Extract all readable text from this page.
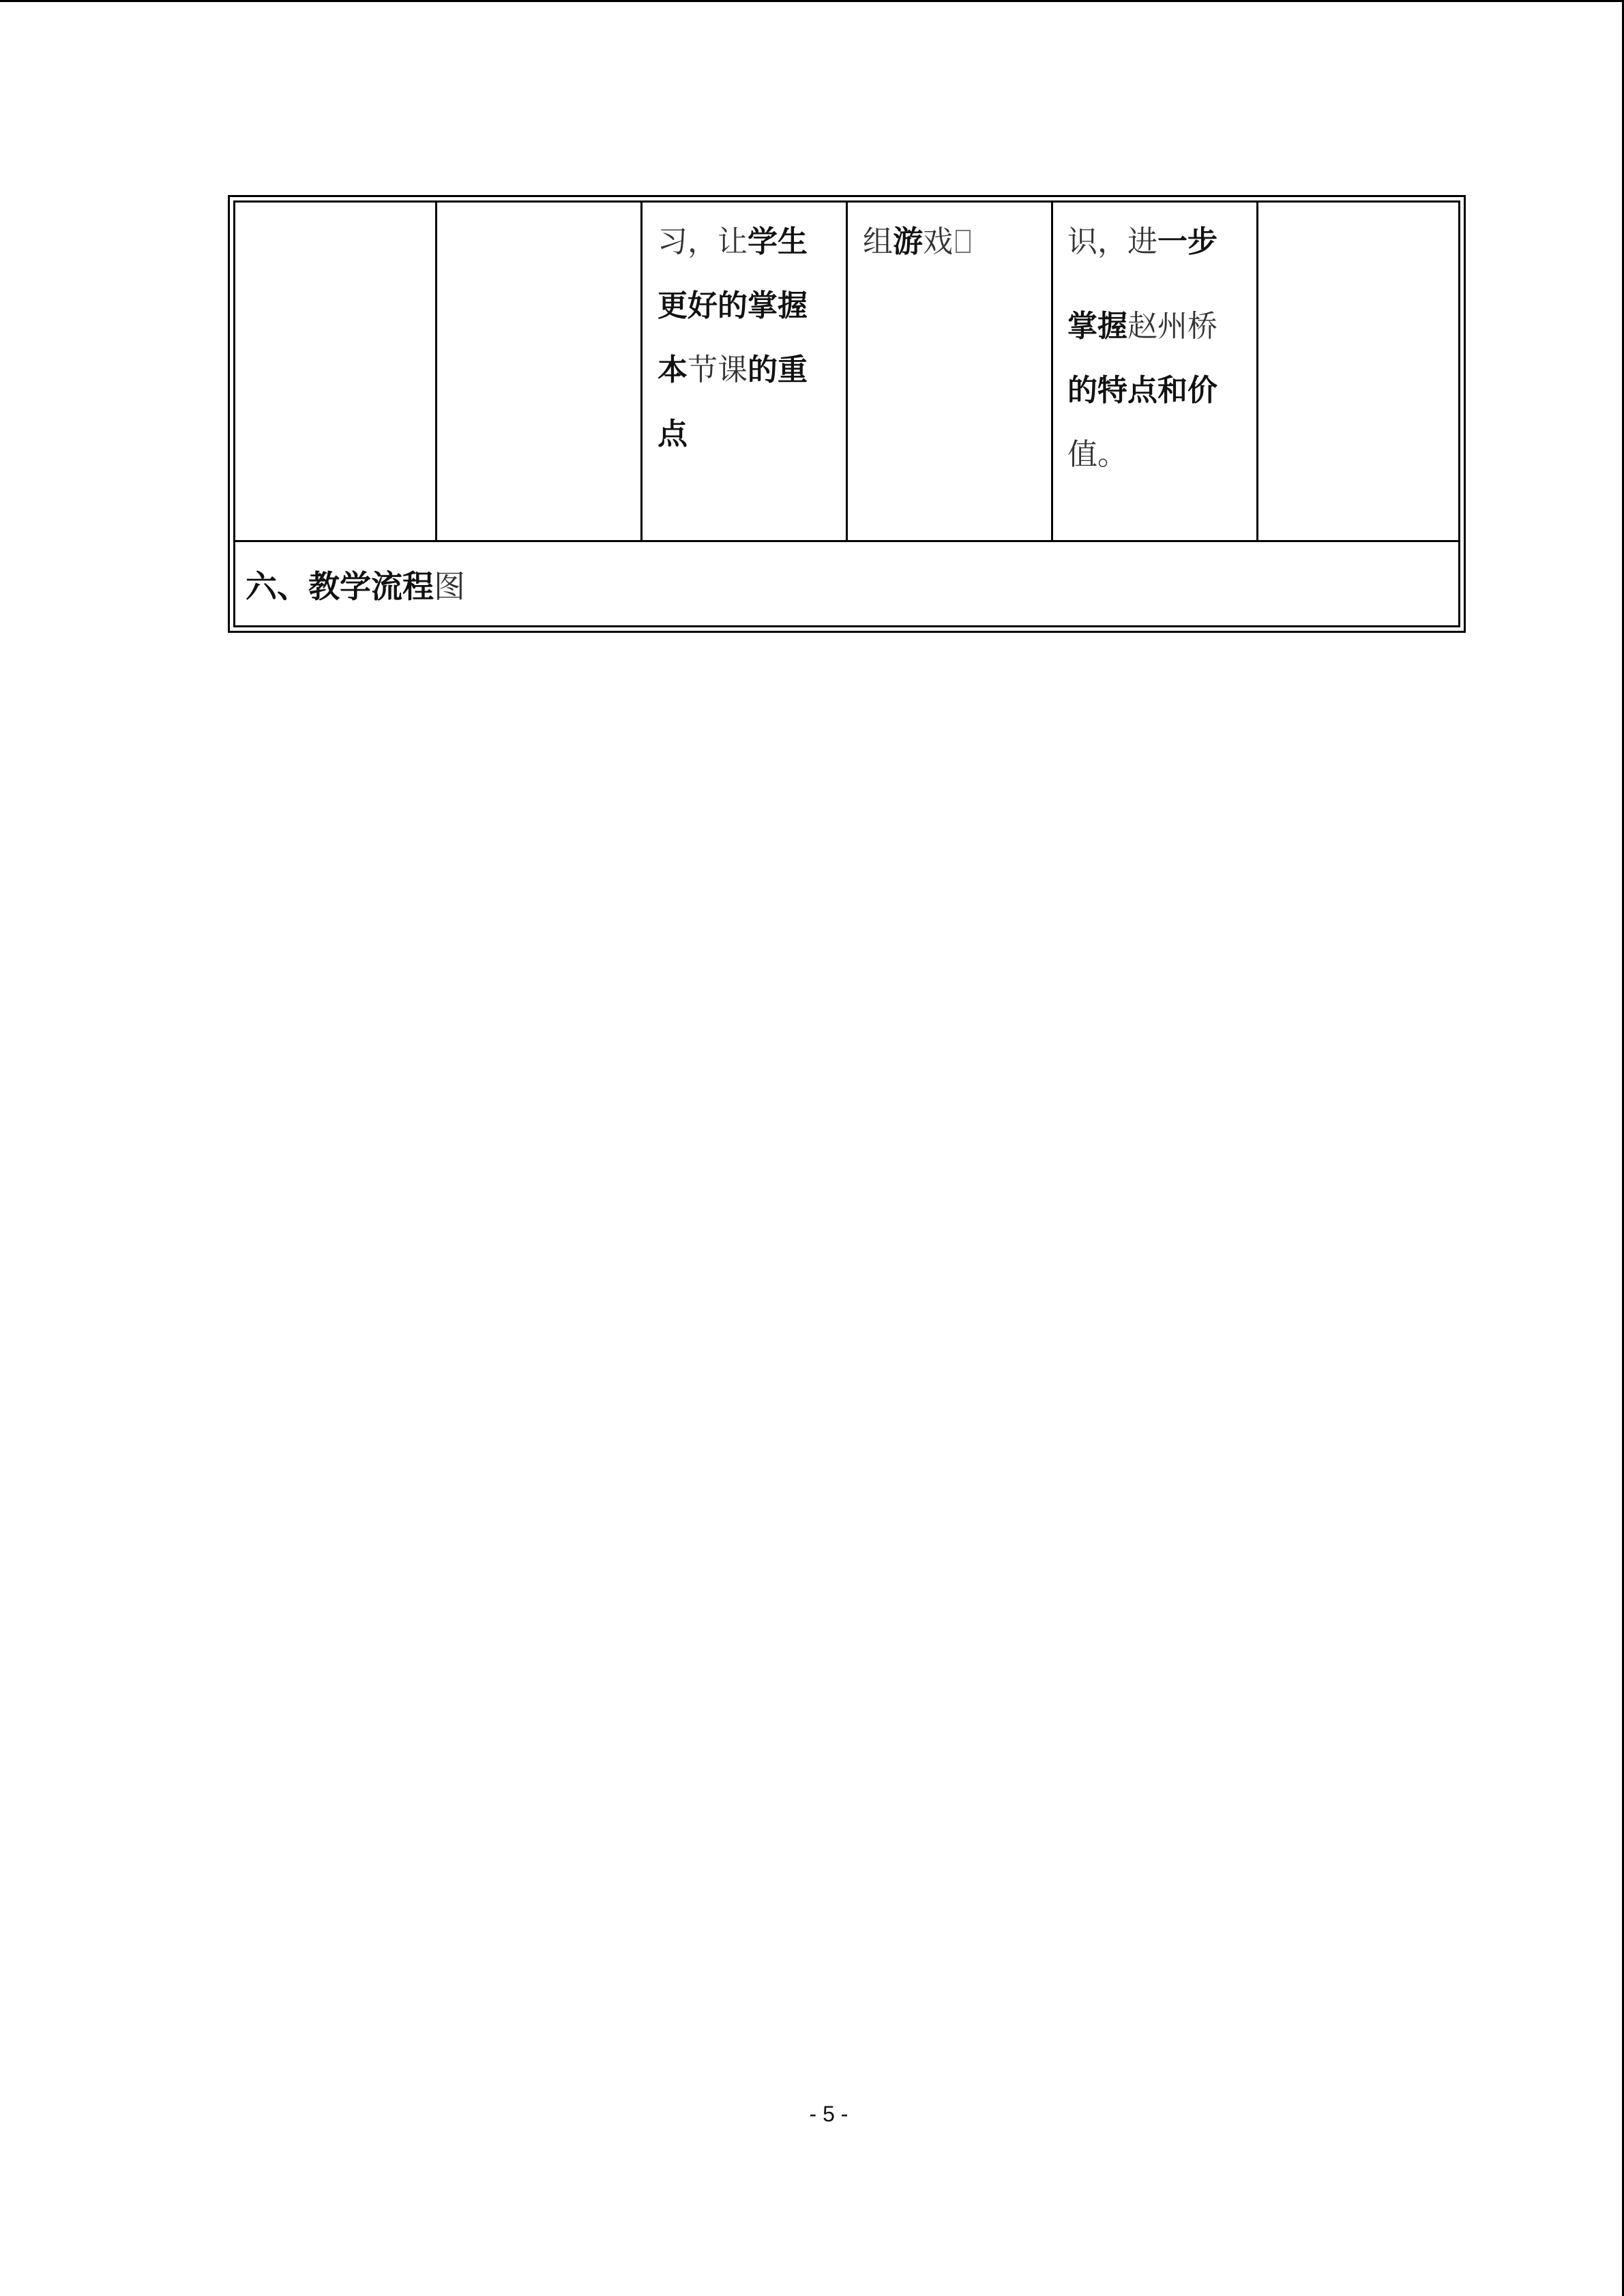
习，让学生
更好的掌握
本节课的重
点
组游戏	识，进一步
掌握赵州桥
的特点和价
值。
六、教学流程图
- 5 -
